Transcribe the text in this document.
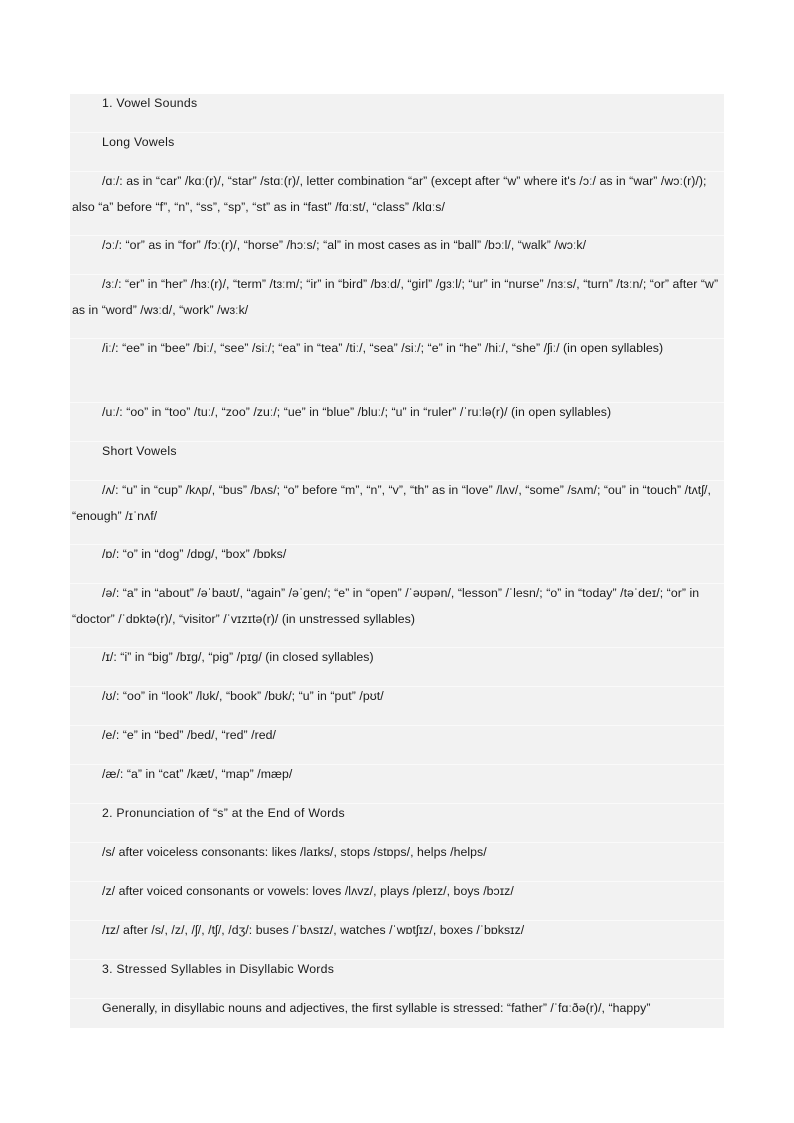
1. Vowel Sounds
Long Vowels
/ɑː/: as in “car” /kɑː(r)/, “star” /stɑː(r)/, letter combination “ar” (except after “w” where it's /ɔː/ as in “war” /wɔː(r)/); also “a” before “f”, “n”, “ss”, “sp”, “st” as in “fast” /fɑːst/, “class” /klɑːs/
/ɔː/: “or” as in “for” /fɔː(r)/, “horse” /hɔːs/; “al” in most cases as in “ball” /bɔːl/, “walk” /wɔːk/
/ɜː/: “er” in “her” /hɜː(r)/, “term” /tɜːm/; “ir” in “bird” /bɜːd/, “girl” /ɡɜːl/; “ur” in “nurse” /nɜːs/, “turn” /tɜːn/; “or” after “w” as in “word” /wɜːd/, “work” /wɜːk/
/iː/: “ee” in “bee” /biː/, “see” /siː/; “ea” in “tea” /tiː/, “sea” /siː/; “e” in “he” /hiː/, “she” /ʃiː/ (in open syllables)
/uː/: “oo” in “too” /tuː/, “zoo” /zuː/; “ue” in “blue” /bluː/; “u” in “ruler” /ˈruːlə(r)/ (in open syllables)
Short Vowels
/ʌ/: “u” in “cup” /kʌp/, “bus” /bʌs/; “o” before “m”, “n”, “v”, “th” as in “love” /lʌv/, “some” /sʌm/; “ou” in “touch” /tʌtʃ/, “enough” /ɪˈnʌf/
/ɒ/: “o” in “dog” /dɒɡ/, “box” /bɒks/
/ə/: “a” in “about” /əˈbaʊt/, “again” /əˈɡen/; “e” in “open” /ˈəʊpən/, “lesson” /ˈlesn/; “o” in “today” /təˈdeɪ/; “or” in “doctor” /ˈdɒktə(r)/, “visitor” /ˈvɪzɪtə(r)/ (in unstressed syllables)
/ɪ/: “i” in “big” /bɪɡ/, “pig” /pɪɡ/ (in closed syllables)
/ʊ/: “oo” in “look” /lʊk/, “book” /bʊk/; “u” in “put” /pʊt/
/e/: “e” in “bed” /bed/, “red” /red/
/æ/: “a” in “cat” /kæt/, “map” /mæp/
2. Pronunciation of “s” at the End of Words
/s/ after voiceless consonants: likes /laɪks/, stops /stɒps/, helps /helps/
/z/ after voiced consonants or vowels: loves /lʌvz/, plays /pleɪz/, boys /bɔɪz/
/ɪz/ after /s/, /z/, /ʃ/, /tʃ/, /dʒ/: buses /ˈbʌsɪz/, watches /ˈwɒtʃɪz/, boxes /ˈbɒksɪz/
3. Stressed Syllables in Disyllabic Words
Generally, in disyllabic nouns and adjectives, the first syllable is stressed: “father” /ˈfɑːðə(r)/, “happy”
